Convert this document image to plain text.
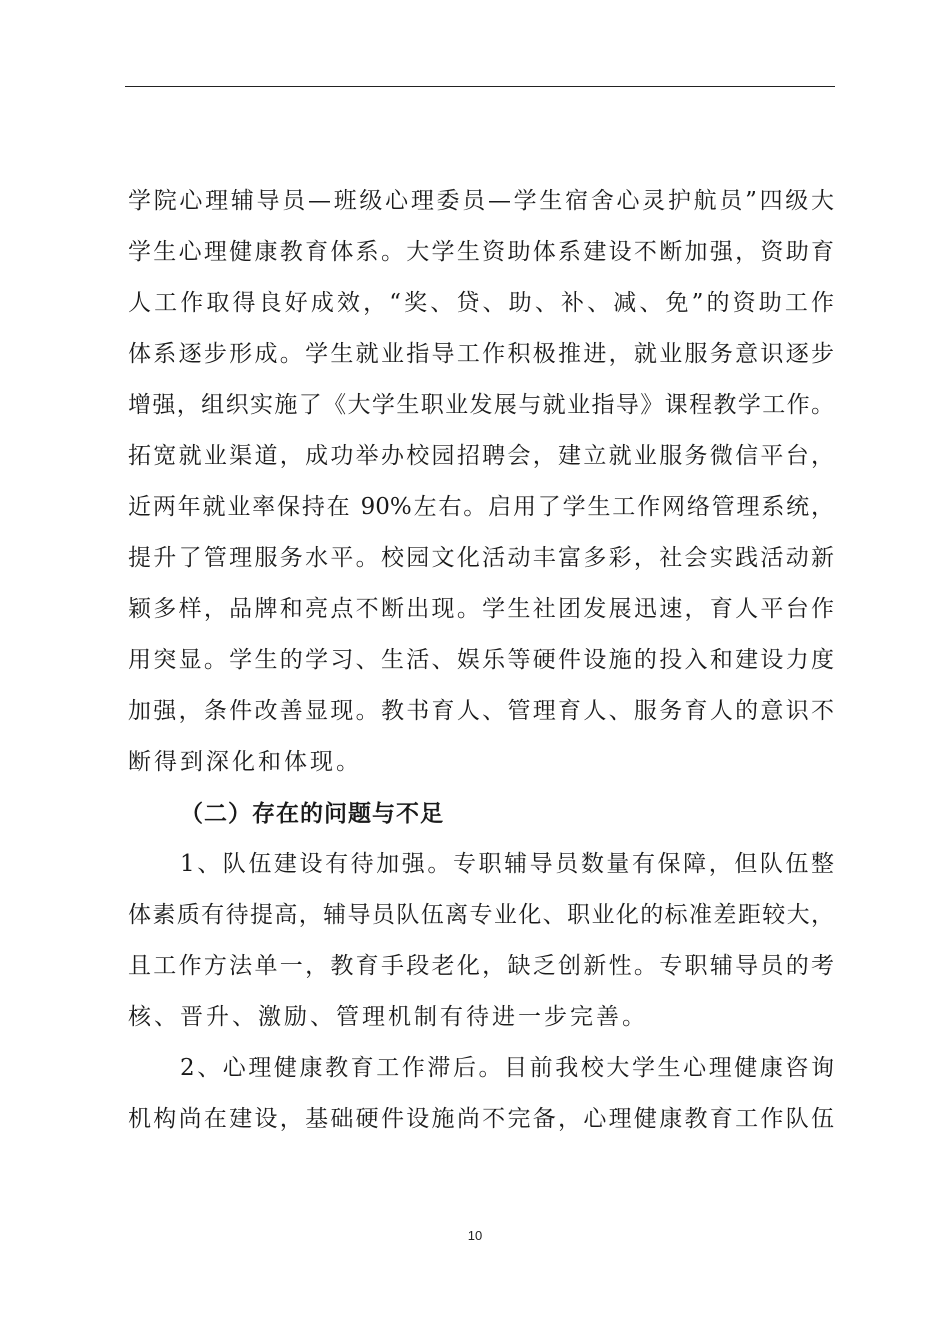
学院心理辅导员—班级心理委员—学生宿舍心灵护航员”四级大
学生心理健康教育体系。大学生资助体系建设不断加强，资助育
人工作取得良好成效，“奖、贷、助、补、减、免”的资助工作
体系逐步形成。学生就业指导工作积极推进，就业服务意识逐步
增强，组织实施了《大学生职业发展与就业指导》课程教学工作。
拓宽就业渠道，成功举办校园招聘会，建立就业服务微信平台，
近两年就业率保持在 90%左右。启用了学生工作网络管理系统，
提升了管理服务水平。校园文化活动丰富多彩，社会实践活动新
颖多样，品牌和亮点不断出现。学生社团发展迅速，育人平台作
用突显。学生的学习、生活、娱乐等硬件设施的投入和建设力度
加强，条件改善显现。教书育人、管理育人、服务育人的意识不
断得到深化和体现。
（二）存在的问题与不足
1、队伍建设有待加强。专职辅导员数量有保障，但队伍整
体素质有待提高，辅导员队伍离专业化、职业化的标准差距较大，
且工作方法单一，教育手段老化，缺乏创新性。专职辅导员的考
核、晋升、激励、管理机制有待进一步完善。
2、心理健康教育工作滞后。目前我校大学生心理健康咨询
机构尚在建设，基础硬件设施尚不完备，心理健康教育工作队伍
10
